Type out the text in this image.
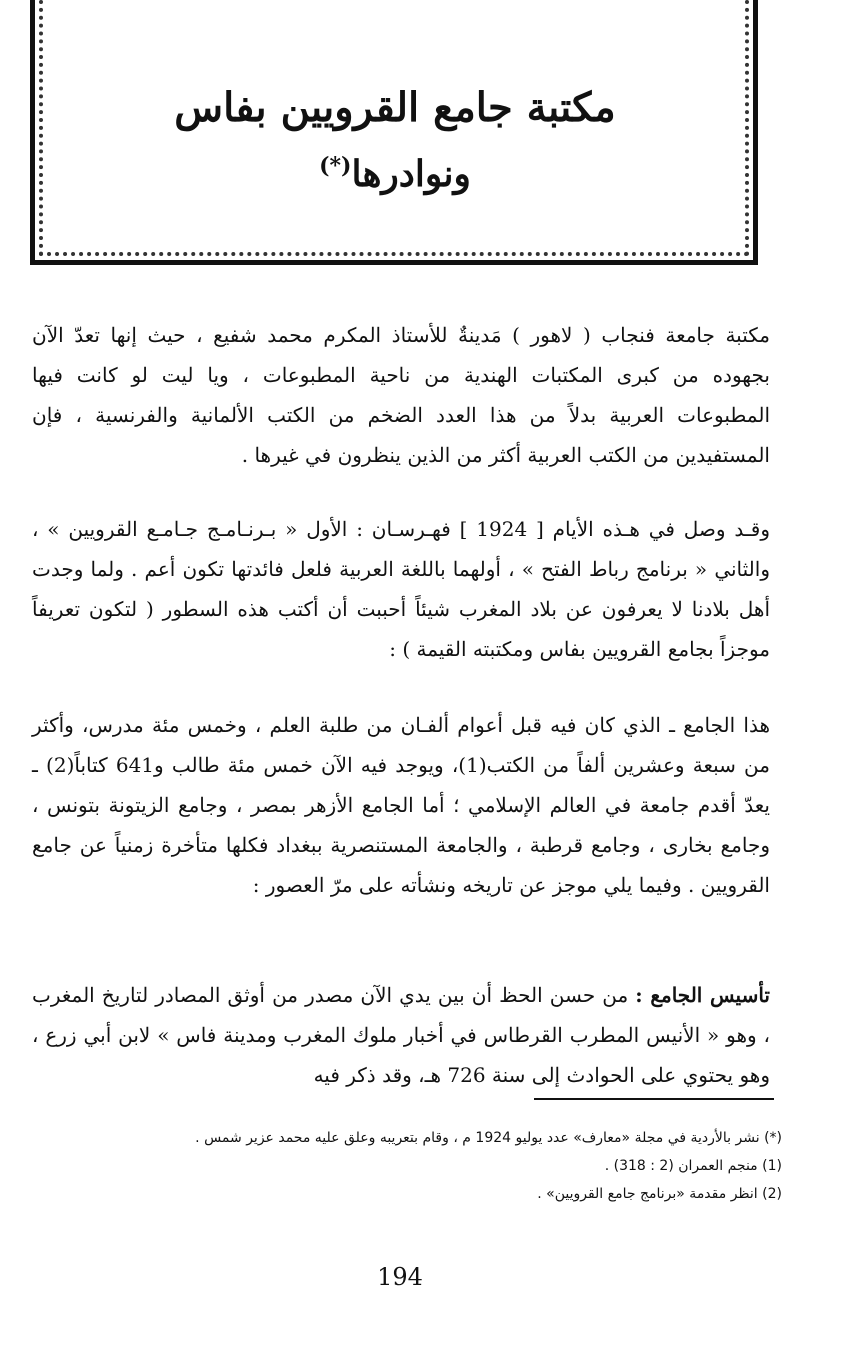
مكتبة جامع القرويين بفاس
ونوادرها(*)

مكتبة جامعة فنجاب ( لاهور ) مَدينةٌ للأستاذ المكرم محمد شفيع ، حيث إنها تعدّ الآن بجهوده من كبرى المكتبات الهندية من ناحية المطبوعات ، ويا ليت لو كانت فيها المطبوعات العربية بدلاً من هذا العدد الضخم من الكتب الألمانية والفرنسية ، فإن المستفيدين من الكتب العربية أكثر من الذين ينظرون في غيرها .

وقـد وصل في هـذه الأيام [ 1924 ] فهـرسـان : الأول « بـرنـامـج جـامـع القرويين » ، والثاني « برنامج رباط الفتح » ، أولهما باللغة العربية فلعل فائدتها تكون أعم . ولما وجدت أهل بلادنا لا يعرفون عن بلاد المغرب شيئاً أحببت أن أكتب هذه السطور ( لتكون تعريفاً موجزاً بجامع القرويين بفاس ومكتبته القيمة ) :

هذا الجامع ـ الذي كان فيه قبل أعوام ألفـان من طلبة العلم ، وخمس مئة مدرس، وأكثر من سبعة وعشرين ألفاً من الكتب(1)، ويوجد فيه الآن خمس مئة طالب و641 كتاباً(2) ـ يعدّ أقدم جامعة في العالم الإسلامي ؛ أما الجامع الأزهر بمصر ، وجامع الزيتونة بتونس ، وجامع بخارى ، وجامع قرطبة ، والجامعة المستنصرية ببغداد فكلها متأخرة زمنياً عن جامع القرويين . وفيما يلي موجز عن تاريخه ونشأته على مرّ العصور :

تأسيس الجامع : من حسن الحظ أن بين يدي الآن مصدر من أوثق المصادر لتاريخ المغرب ، وهو « الأنيس المطرب القرطاس في أخبار ملوك المغرب ومدينة فاس » لابن أبي زرع ، وهو يحتوي على الحوادث إلى سنة 726 هـ، وقد ذكر فيه

(*) نشر بالأردية في مجلة «معارف» عدد يوليو 1924 م ، وقام بتعريبه وعلق عليه محمد عزير شمس .
(1) منجم العمران (2 : 318) .
(2) انظر مقدمة «برنامج جامع القرويين» .
194
